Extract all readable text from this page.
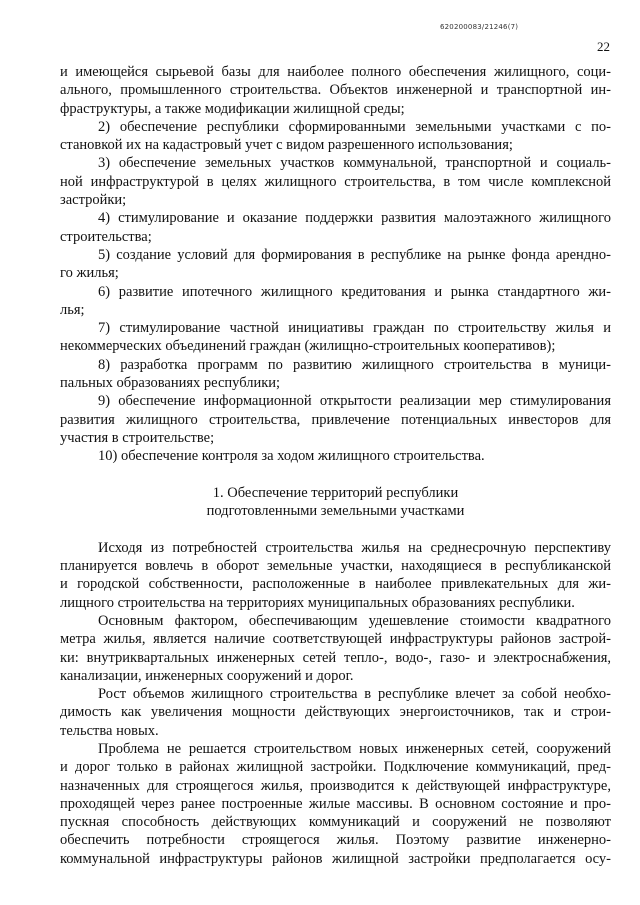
620200083/21246(7)
22
и имеющейся сырьевой базы для наиболее полного обеспечения жилищного, соци-
ального, промышленного строительства. Объектов инженерной и транспортной ин-
фраструктуры, а также модификации жилищной среды;
2) обеспечение республики сформированными земельными участками с по-
становкой их на кадастровый учет с видом разрешенного использования;
3) обеспечение земельных участков коммунальной, транспортной и социаль-
ной инфраструктурой в целях жилищного строительства, в том числе комплексной
застройки;
4) стимулирование и оказание поддержки развития малоэтажного жилищного
строительства;
5) создание условий для формирования в республике на рынке фонда арендно-
го жилья;
6) развитие ипотечного жилищного кредитования и рынка стандартного жи-
лья;
7) стимулирование частной инициативы граждан по строительству жилья и
некоммерческих объединений граждан (жилищно-строительных кооперативов);
8) разработка программ по развитию жилищного строительства в муници-
пальных образованиях республики;
9) обеспечение информационной открытости реализации мер стимулирования
развития жилищного строительства, привлечение потенциальных инвесторов для
участия в строительстве;
10) обеспечение контроля за ходом жилищного строительства.
1. Обеспечение территорий республики
подготовленными земельными участками
Исходя из потребностей строительства жилья на среднесрочную перспективу
планируется вовлечь в оборот земельные участки, находящиеся в республиканской
и городской собственности, расположенные в наиболее привлекательных для жи-
лищного строительства на территориях муниципальных образованиях республики.
Основным фактором, обеспечивающим удешевление стоимости квадратного
метра жилья, является наличие соответствующей инфраструктуры районов застрой-
ки: внутриквартальных инженерных сетей тепло-, водо-, газо- и электроснабжения,
канализации, инженерных сооружений и дорог.
Рост объемов жилищного строительства в республике влечет за собой необхо-
димость как увеличения мощности действующих энергоисточников, так и строи-
тельства новых.
Проблема не решается строительством новых инженерных сетей, сооружений
и дорог только в районах жилищной застройки. Подключение коммуникаций, пред-
назначенных для строящегося жилья, производится к действующей инфраструктуре,
проходящей через ранее построенные жилые массивы. В основном состояние и про-
пускная способность действующих коммуникаций и сооружений не позволяют
обеспечить потребности строящегося жилья. Поэтому развитие инженерно-
коммунальной инфраструктуры районов жилищной застройки предполагается осу-
